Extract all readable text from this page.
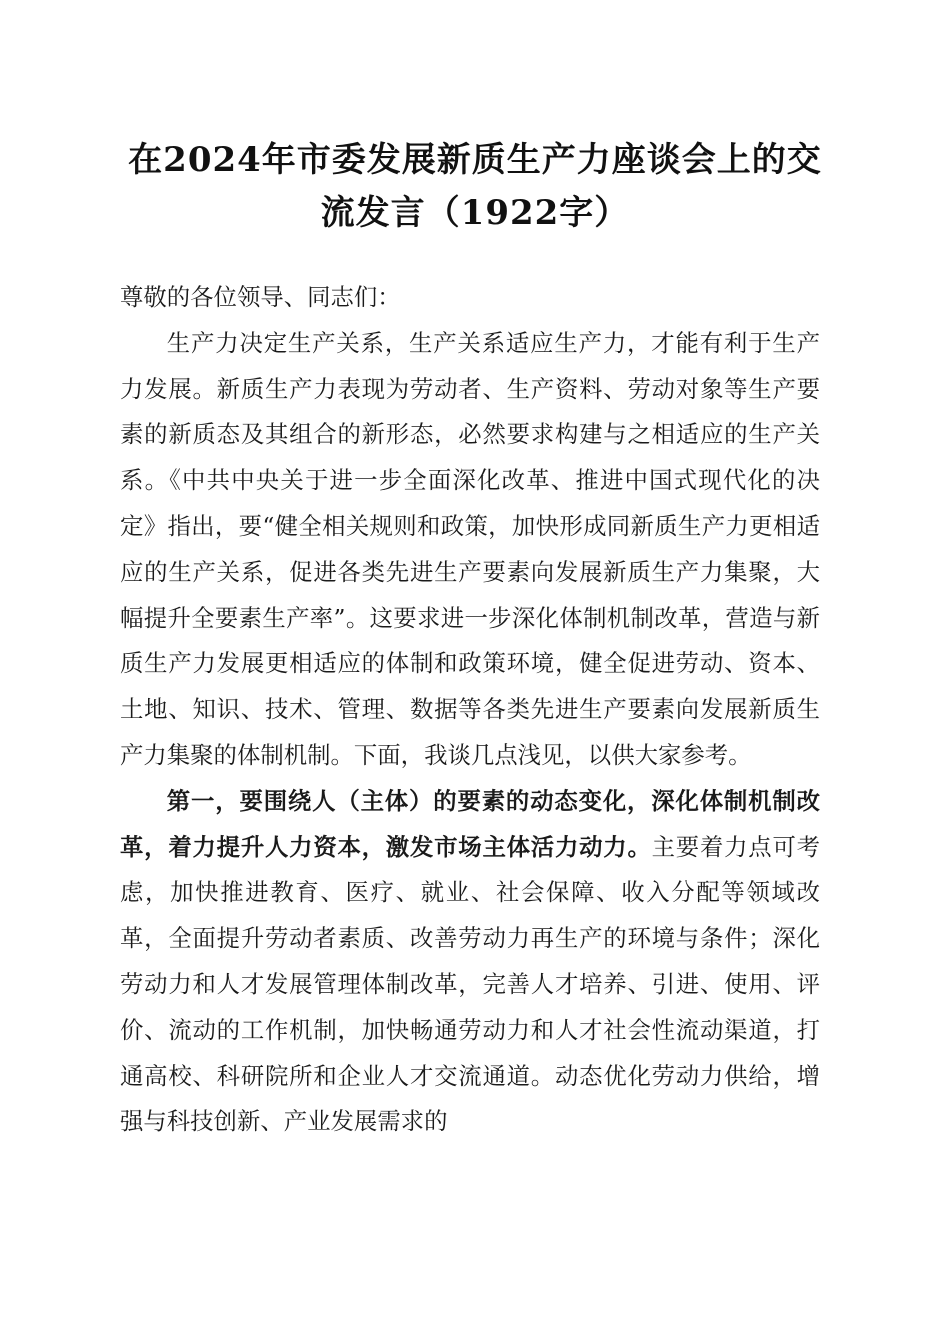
在2024年市委发展新质生产力座谈会上的交
流发言（1922字）

尊敬的各位领导、同志们：

生产力决定生产关系，生产关系适应生产力，才能有利于生产力发展。新质生产力表现为劳动者、生产资料、劳动对象等生产要素的新质态及其组合的新形态，必然要求构建与之相适应的生产关系。《中共中央关于进一步全面深化改革、推进中国式现代化的决定》指出，要“健全相关规则和政策，加快形成同新质生产力更相适应的生产关系，促进各类先进生产要素向发展新质生产力集聚，大幅提升全要素生产率”。这要求进一步深化体制机制改革，营造与新质生产力发展更相适应的体制和政策环境，健全促进劳动、资本、土地、知识、技术、管理、数据等各类先进生产要素向发展新质生产力集聚的体制机制。下面，我谈几点浅见，以供大家参考。

第一，要围绕人（主体）的要素的动态变化，深化体制机制改革，着力提升人力资本，激发市场主体活力动力。主要着力点可考虑，加快推进教育、医疗、就业、社会保障、收入分配等领域改革，全面提升劳动者素质、改善劳动力再生产的环境与条件；深化劳动力和人才发展管理体制改革，完善人才培养、引进、使用、评价、流动的工作机制，加快畅通劳动力和人才社会性流动渠道，打通高校、科研院所和企业人才交流通道。动态优化劳动力供给，增强与科技创新、产业发展需求的
